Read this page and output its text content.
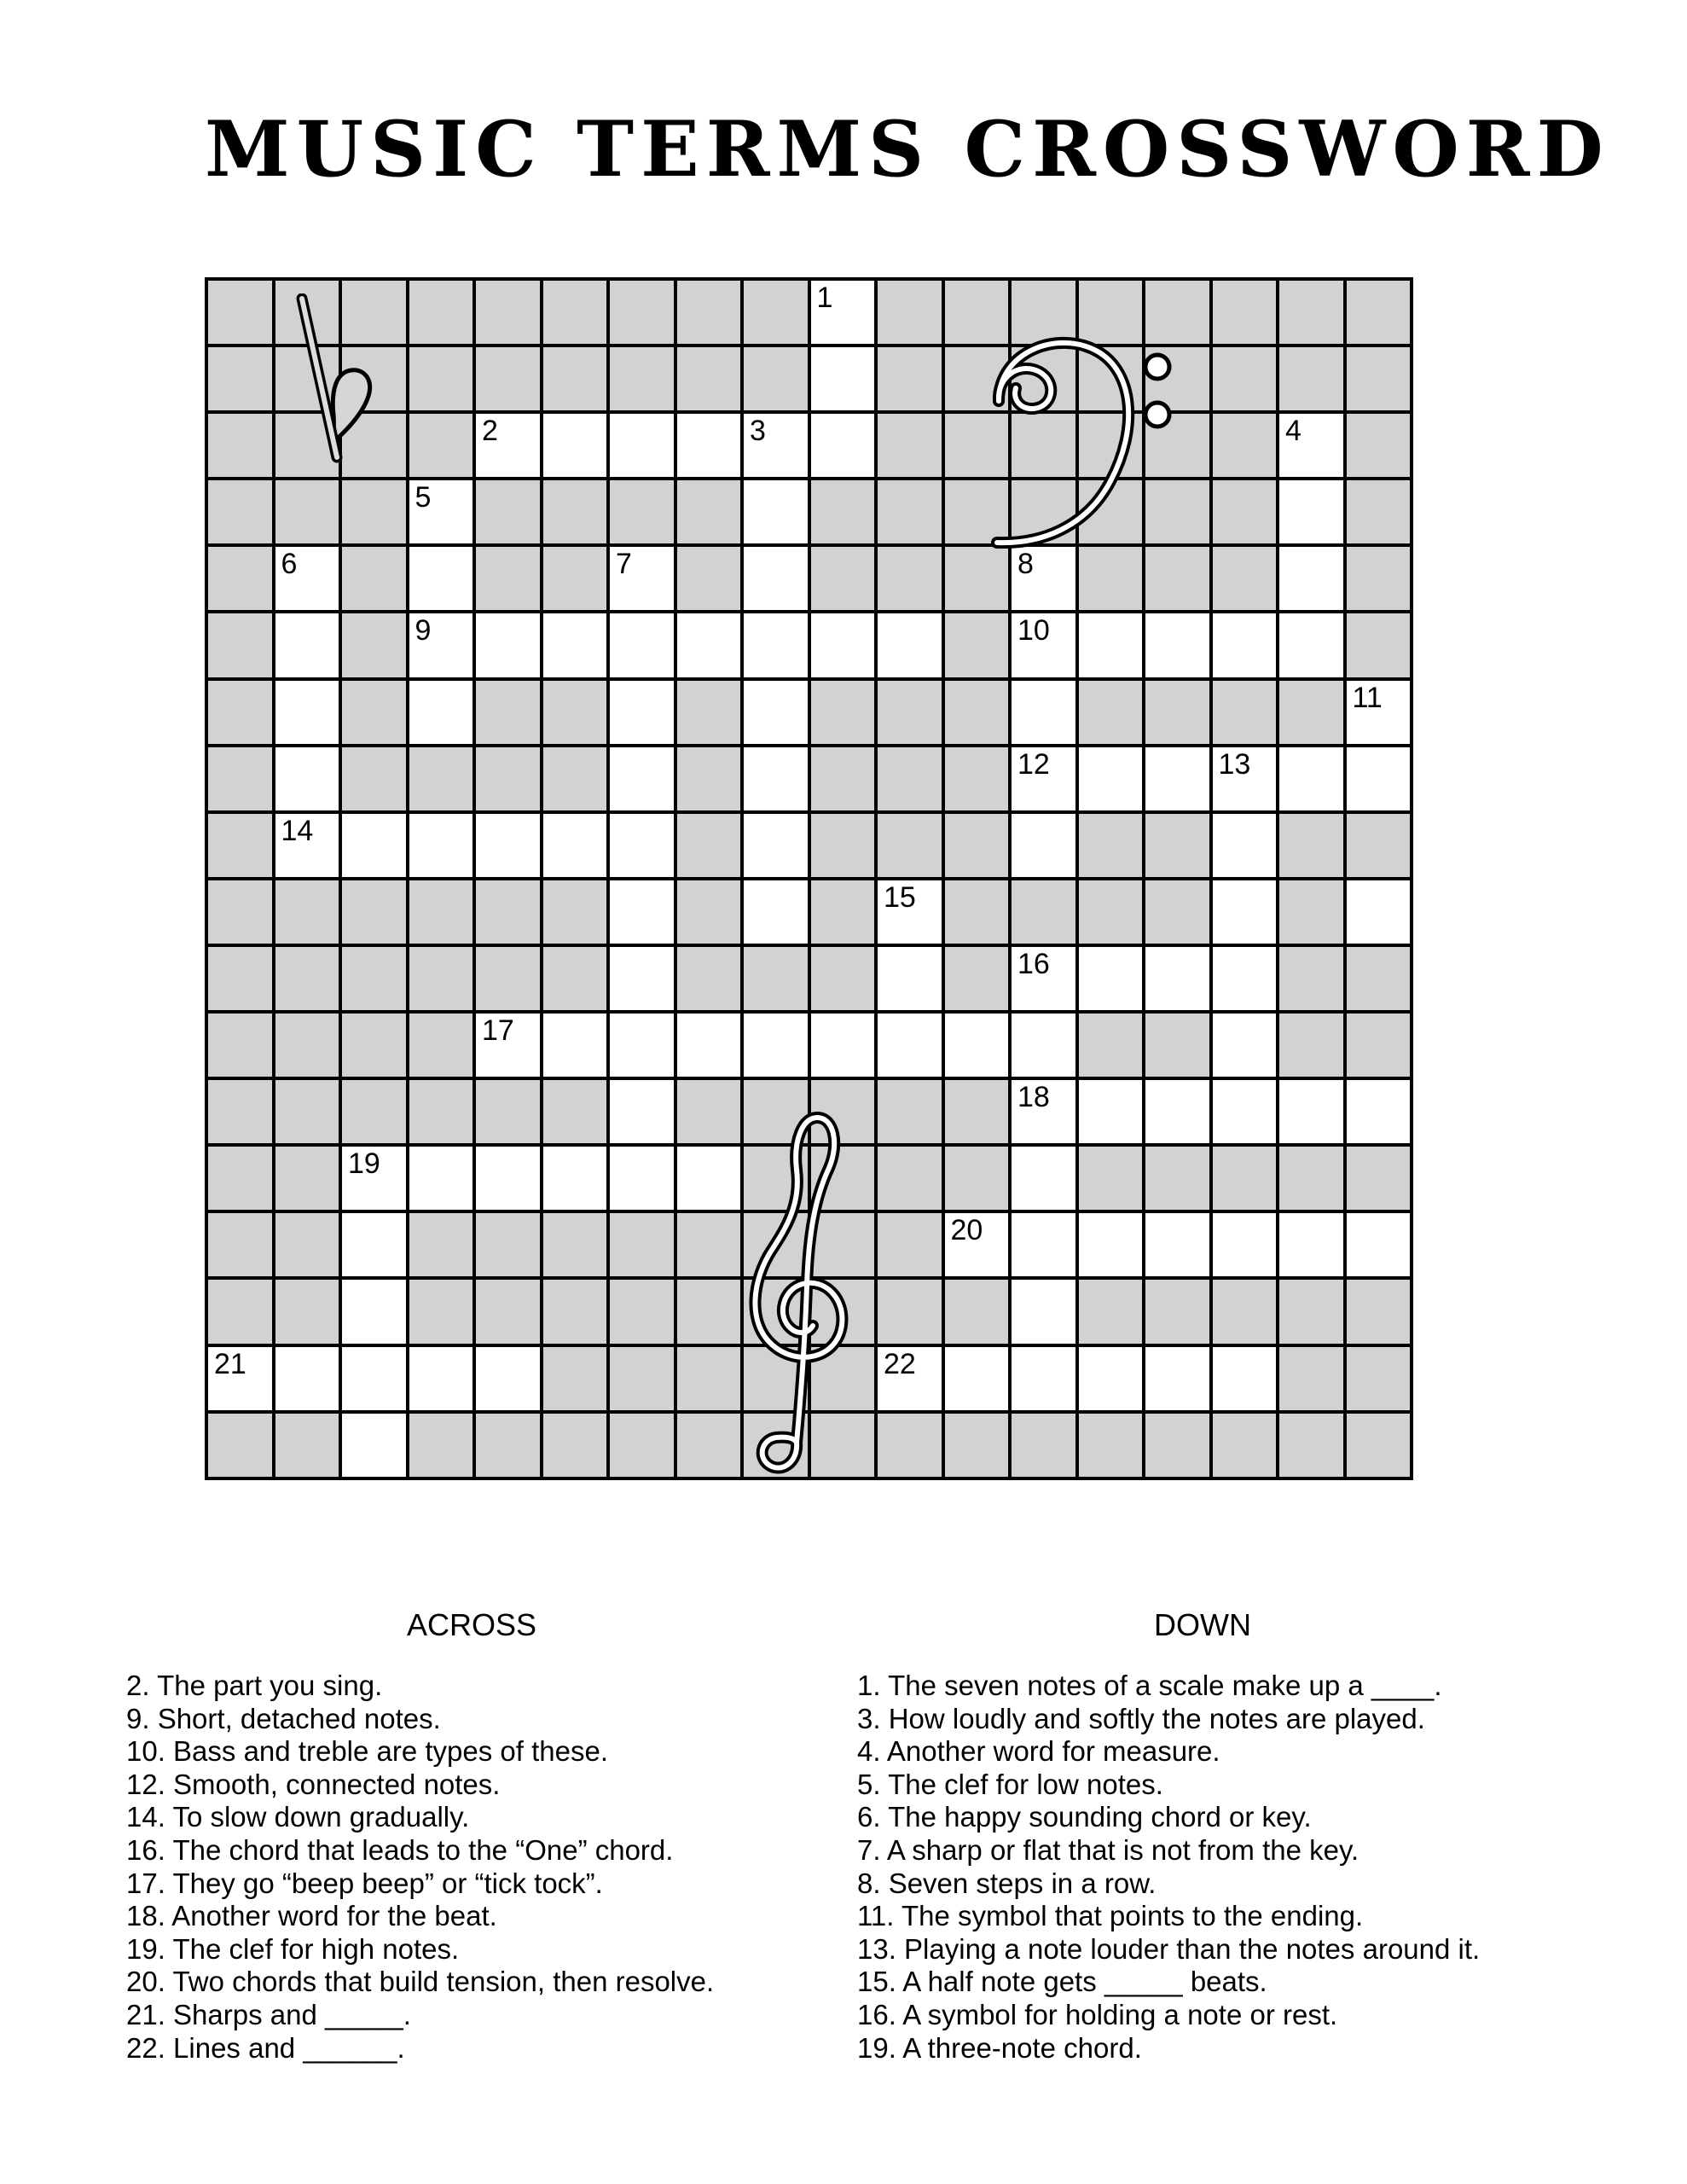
MUSIC TERMS CROSSWORD
1
2	3	4
5
6	7	8
9	10
11
12	13
14
15
16
17
18
19
20
21	22
ACROSS
2. The part you sing.
9. Short, detached notes.
10. Bass and treble are types of these.
12. Smooth, connected notes.
14. To slow down gradually.
16. The chord that leads to the “One” chord.
17. They go “beep beep” or “tick tock”.
18. Another word for the beat.
19. The clef for high notes.
20. Two chords that build tension, then resolve.
21. Sharps and _____.
22. Lines and ______.
DOWN
1. The seven notes of a scale make up a ____.
3. How loudly and softly the notes are played.
4. Another word for measure.
5. The clef for low notes.
6. The happy sounding chord or key.
7. A sharp or flat that is not from the key.
8. Seven steps in a row.
11. The symbol that points to the ending.
13. Playing a note louder than the notes around it.
15. A half note gets _____ beats.
16. A symbol for holding a note or rest.
19. A three-note chord.
